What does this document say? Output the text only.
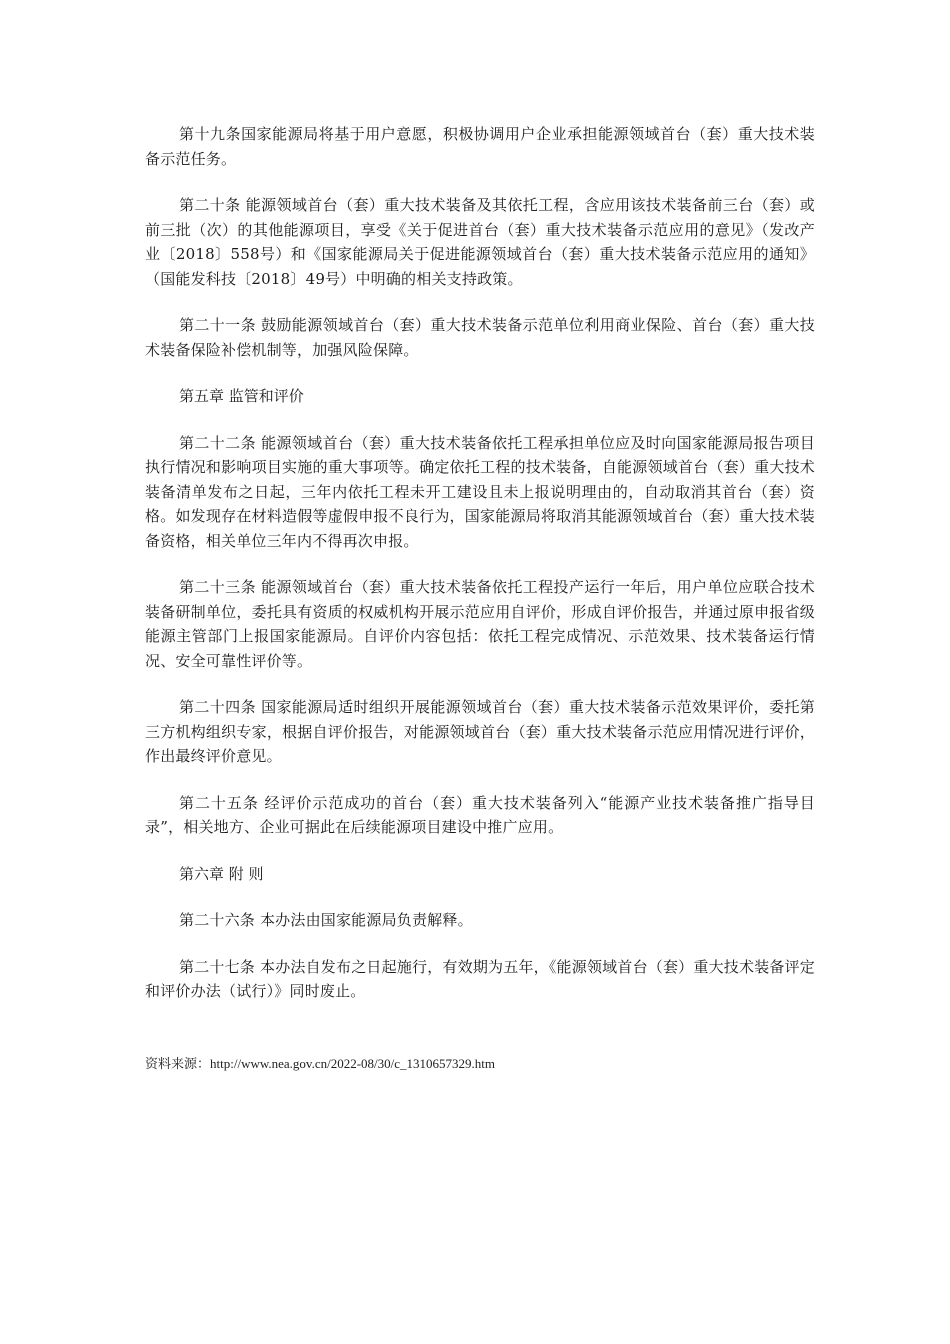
第十九条国家能源局将基于用户意愿，积极协调用户企业承担能源领域首台（套）重大技术装备示范任务。

第二十条 能源领域首台（套）重大技术装备及其依托工程，含应用该技术装备前三台（套）或前三批（次）的其他能源项目，享受《关于促进首台（套）重大技术装备示范应用的意见》（发改产业〔2018〕558号）和《国家能源局关于促进能源领域首台（套）重大技术装备示范应用的通知》（国能发科技〔2018〕49号）中明确的相关支持政策。

第二十一条 鼓励能源领域首台（套）重大技术装备示范单位利用商业保险、首台（套）重大技术装备保险补偿机制等，加强风险保障。

第五章 监管和评价

第二十二条 能源领域首台（套）重大技术装备依托工程承担单位应及时向国家能源局报告项目执行情况和影响项目实施的重大事项等。确定依托工程的技术装备，自能源领域首台（套）重大技术装备清单发布之日起，三年内依托工程未开工建设且未上报说明理由的，自动取消其首台（套）资格。如发现存在材料造假等虚假申报不良行为，国家能源局将取消其能源领域首台（套）重大技术装备资格，相关单位三年内不得再次申报。

第二十三条 能源领域首台（套）重大技术装备依托工程投产运行一年后，用户单位应联合技术装备研制单位，委托具有资质的权威机构开展示范应用自评价，形成自评价报告，并通过原申报省级能源主管部门上报国家能源局。自评价内容包括：依托工程完成情况、示范效果、技术装备运行情况、安全可靠性评价等。

第二十四条 国家能源局适时组织开展能源领域首台（套）重大技术装备示范效果评价，委托第三方机构组织专家，根据自评价报告，对能源领域首台（套）重大技术装备示范应用情况进行评价，作出最终评价意见。

第二十五条 经评价示范成功的首台（套）重大技术装备列入“能源产业技术装备推广指导目录”，相关地方、企业可据此在后续能源项目建设中推广应用。

第六章 附 则

第二十六条 本办法由国家能源局负责解释。

第二十七条 本办法自发布之日起施行，有效期为五年，《能源领域首台（套）重大技术装备评定和评价办法（试行）》同时废止。

资料来源：http://www.nea.gov.cn/2022-08/30/c_1310657329.htm
